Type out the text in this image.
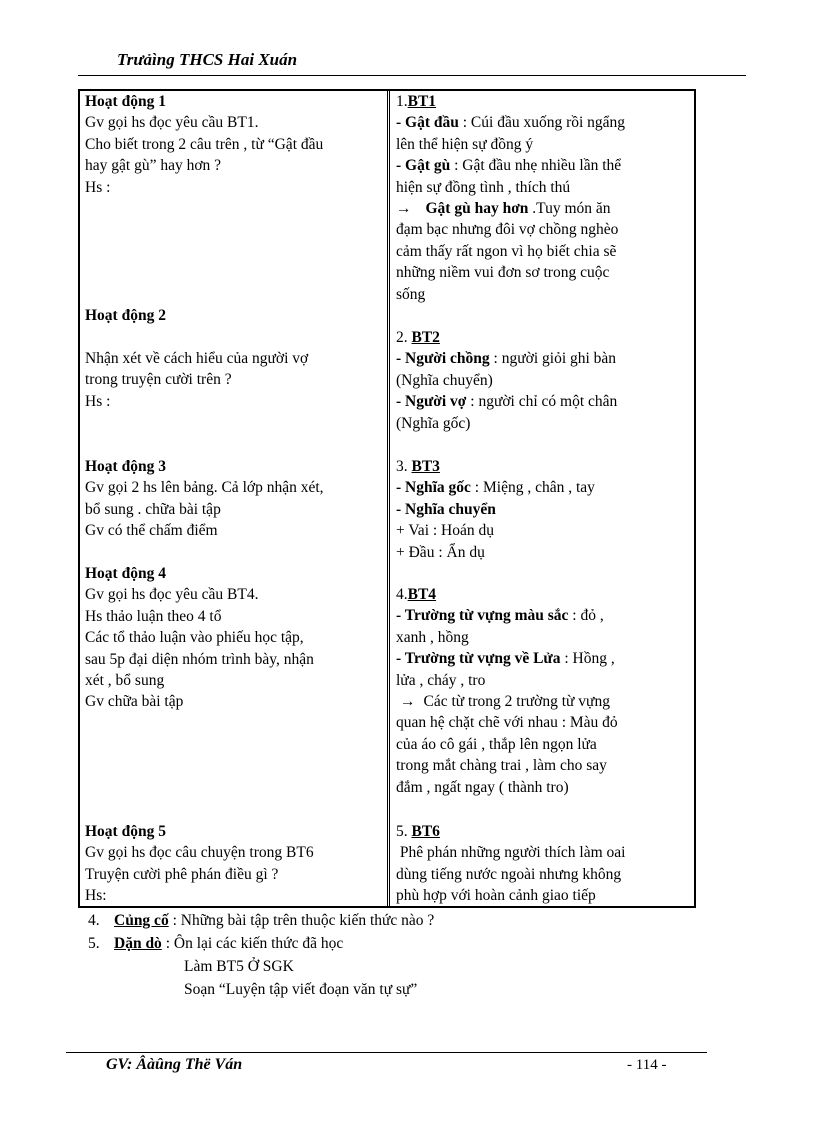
Trưảìng THCS Hai Xuán
Hoạt động 1
Gv gọi hs đọc yêu cầu BT1.
Cho biết trong 2 câu trên , từ “Gật đầu
hay gật gù” hay hơn ?
Hs :
Hoạt động 2

Nhận xét về cách hiểu của người vợ
trong truyện cười trên ?
Hs :
Hoạt động 3
Gv gọi 2 hs lên bảng. Cả lớp nhận xét,
bổ sung . chữa bài tập
Gv có thể chấm điểm
Hoạt động 4
Gv gọi hs đọc yêu cầu BT4.
Hs thảo luận theo 4 tổ
Các tổ thảo luận vào phiếu học tập,
sau 5p đại diện nhóm trình bày, nhận
xét , bổ sung
Gv chữa bài tập
Hoạt động 5
Gv gọi hs đọc câu chuyện trong BT6
Truyện cười phê phán điều gì ?
Hs:
1.BT1
- Gật đầu : Cúi đầu xuống rồi ngẩng
lên thể hiện sự đồng ý
- Gật gù : Gật đầu nhẹ nhiều lần thể
hiện sự đồng tình , thích thú
→ Gật gù hay hơn .Tuy món ăn
đạm bạc nhưng đôi vợ chồng nghèo
cảm thấy rất ngon vì họ biết chia sẽ
những niềm vui đơn sơ trong cuộc
sống
2. BT2
- Người chồng : người giỏi ghi bàn
(Nghĩa chuyển)
- Người vợ : người chỉ có một chân
(Nghĩa gốc)
3. BT3
- Nghĩa gốc : Miệng , chân , tay
- Nghĩa chuyển
+ Vai : Hoán dụ
+ Đầu : Ẩn dụ
4.BT4
- Trường từ vựng màu sắc : đỏ ,
xanh , hồng
- Trường từ vựng về Lửa : Hồng ,
lửa , cháy , tro
→ Các từ trong 2 trường từ vựng
quan hệ chặt chẽ với nhau : Màu đỏ
của áo cô gái , thắp lên ngọn lửa
trong mắt chàng trai , làm cho say
đắm , ngất ngay ( thành tro)
5. BT6
Phê phán những người thích làm oai
dùng tiếng nước ngoài nhưng không
phù hợp với hoàn cảnh giao tiếp
4. Củng cố : Những bài tập trên thuộc kiến thức nào ?
5. Dặn dò : Ôn lại các kiến thức đã học
Làm BT5 Ở SGK
Soạn “Luyện tập viết đoạn văn tự sự”
GV: Âàûng Thë Ván	- 114 -
